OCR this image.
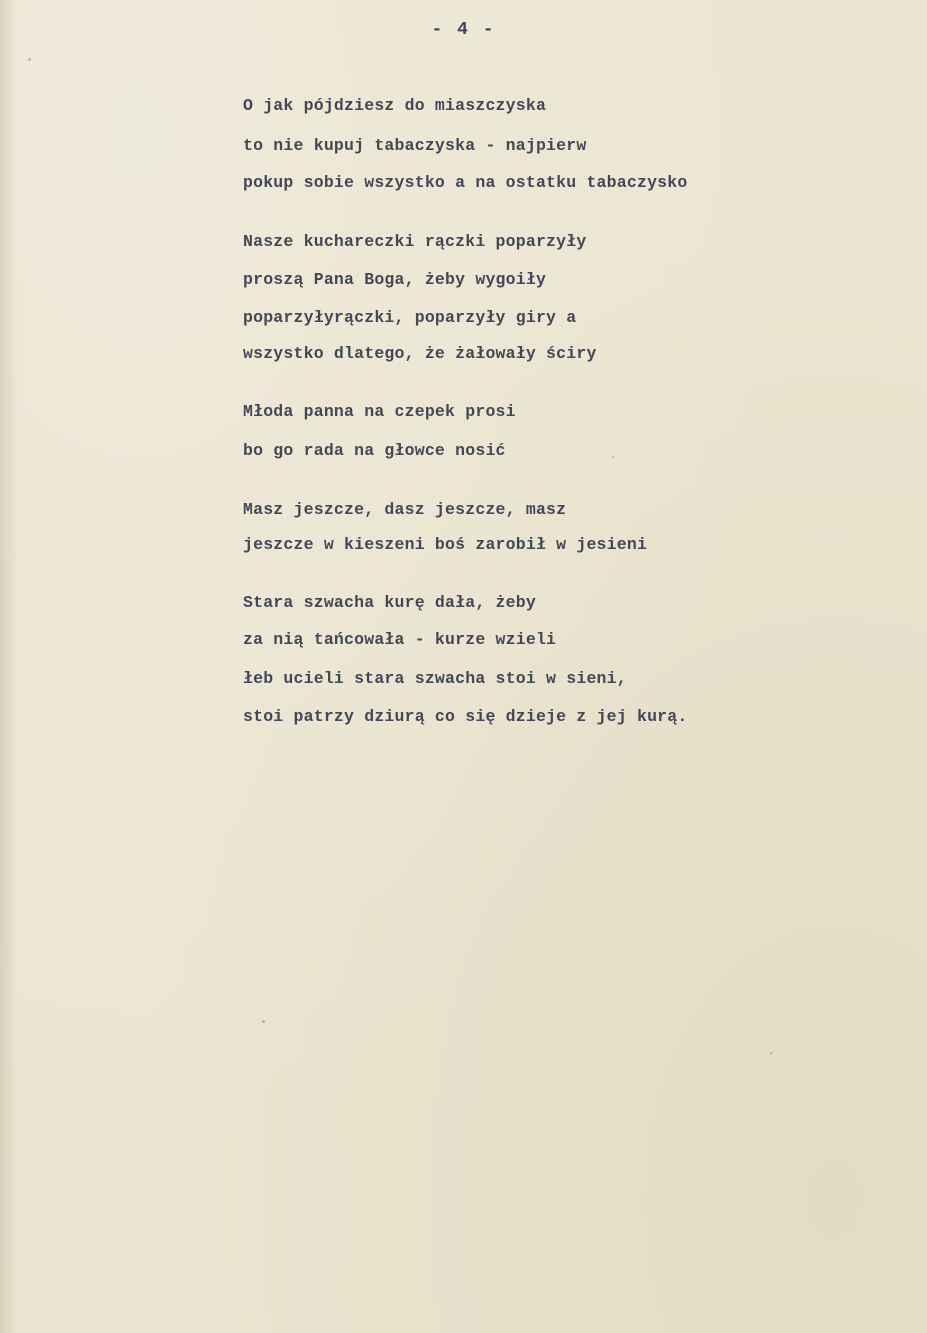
- 4 -
O jak pójdziesz do miaszczyska
to nie kupuj tabaczyska - najpierw
pokup sobie wszystko a na ostatku tabaczysko
Nasze kuchareczki rączki poparzyły
proszą Pana Boga, żeby wygoiły
poparzyłyrączki, poparzyły giry a
wszystko dlatego, że żałowały ściry
Młoda panna na czepek prosi
bo go rada na głowce nosić
Masz jeszcze, dasz jeszcze, masz
jeszcze w kieszeni boś zarobił w jesieni
Stara szwacha kurę dała, żeby
za nią tańcowała - kurze wzieli
łeb ucieli stara szwacha stoi w sieni,
stoi patrzy dziurą co się dzieje z jej kurą.
